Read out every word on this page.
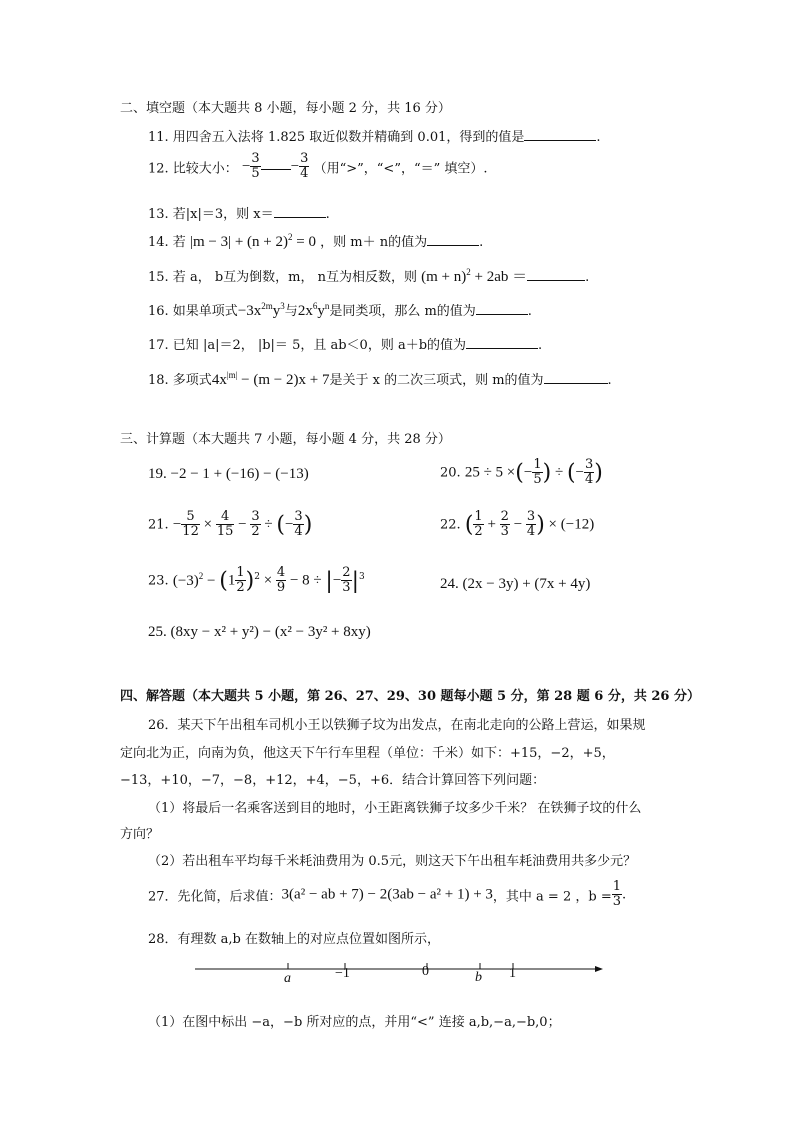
二、填空题（本大题共 8 小题，每小题 2 分，共 16 分）
11. 用四舍五入法将 1.825 取近似数并精确到 0.01，得到的值是	.
12. 比较大小： − $\frac{3}{5} - \frac{3}{4}$ （用“>”，“<”，“＝” 填空）.
13. 若|x|＝3，则 x＝	.
14. 若 $|m - 3| + (n + 2)^2 = 0$ ，则 m＋ n的值为	.
15. 若 a， b互为倒数，m， n互为相反数，则 $(m + n)^2 + 2ab$ ＝	.
16. 如果单项式$-3x^{2m}y^3$与$2x^6y^n$是同类项，那么 m的值为	.
17. 已知 |a|＝2， |b|＝ 5，且 ab＜0，则 a＋b的值为	.
18. 多项式$4x^{|m|} - (m - 2)x + 7$是关于 x 的二次三项式，则 m的值为	.
三、计算题（本大题共 7 小题，每小题 4 分，共 28 分）
19. −2 − 1 + (−16) − (−13)	20. 25 ÷ 5 ×(− $\frac{1}{5}$ ) ÷ (− $\frac{3}{4}$ )
21. − $\frac{5}{12} \times \frac{4}{15} - \frac{3}{2}$ ÷ (− $\frac{3}{4}$ )	22. ( $\frac{1}{2} + \frac{2}{3} - \frac{3}{4}$ ) × (−12)
23. $(-3)^2 - (1 \frac{1}{2} )^2 \times \frac{4}{9} - 8$ ÷ |− $\frac{2}{3} |^3$	24. (2x − 3y) + (7x + 4y)
25. (8xy − x² + y²) − (x² − 3y² + 8xy)
四、解答题（本大题共 5 小题，第 26、27、29、30 题每小题 5 分，第 28 题 6 分，共 26 分）
26．某天下午出租车司机小王以铁狮子坟为出发点，在南北走向的公路上营运，如果规
定向北为正，向南为负，他这天下午行车里程（单位：千米）如下：+15，−2，+5，
−13，+10，−7，−8，+12，+4，−5，+6．结合计算回答下列问题：
（1）将最后一名乘客送到目的地时，小王距离铁狮子坟多少千米？ 在铁狮子坟的什么
方向？
（2）若出租车平均每千米耗油费用为 0.5元，则这天下午出租车耗油费用共多少元？
27．先化简，后求值：3(a² − ab + 7) − 2(3ab − a² + 1) + 3，其中 a = 2 ，$b = \frac{1}{3}$ .
28．有理数 a,b 在数轴上的对应点位置如图所示，
a	−1	0	b 1
（1）在图中标出 −a，−b 所对应的点，并用“<” 连接 a,b,−a,−b,0；
